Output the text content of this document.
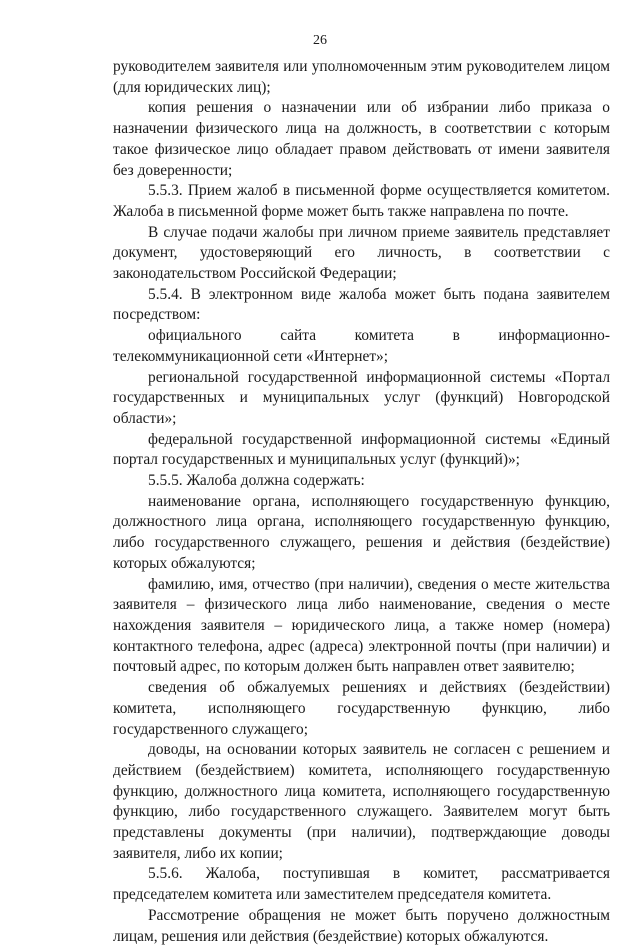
26

руководителем заявителя или уполномоченным этим руководителем лицом (для юридических лиц);

копия решения о назначении или об избрании либо приказа о назначении физического лица на должность, в соответствии с которым такое физическое лицо обладает правом действовать от имени заявителя без доверенности;

5.5.3. Прием жалоб в письменной форме осуществляется комитетом. Жалоба в письменной форме может быть также направлена по почте.

В случае подачи жалобы при личном приеме заявитель представляет документ, удостоверяющий его личность, в соответствии с законодательством Российской Федерации;

5.5.4. В электронном виде жалоба может быть подана заявителем посредством:

официального сайта комитета в информационно-телекоммуникационной сети «Интернет»;

региональной государственной информационной системы «Портал государственных и муниципальных услуг (функций) Новгородской области»;

федеральной государственной информационной системы «Единый портал государственных и муниципальных услуг (функций)»;

5.5.5. Жалоба должна содержать:

наименование органа, исполняющего государственную функцию, должностного лица органа, исполняющего государственную функцию, либо государственного служащего, решения и действия (бездействие) которых обжалуются;

фамилию, имя, отчество (при наличии), сведения о месте жительства заявителя – физического лица либо наименование, сведения о месте нахождения заявителя – юридического лица, а также номер (номера) контактного телефона, адрес (адреса) электронной почты (при наличии) и почтовый адрес, по которым должен быть направлен ответ заявителю;

сведения об обжалуемых решениях и действиях (бездействии) комитета, исполняющего государственную функцию, либо государственного служащего;

доводы, на основании которых заявитель не согласен с решением и действием (бездействием) комитета, исполняющего государственную функцию, должностного лица комитета, исполняющего государственную функцию, либо государственного служащего. Заявителем могут быть представлены документы (при наличии), подтверждающие доводы заявителя, либо их копии;

5.5.6. Жалоба, поступившая в комитет, рассматривается председателем комитета или заместителем председателя комитета.

Рассмотрение обращения не может быть поручено должностным лицам, решения или действия (бездействие) которых обжалуются.
